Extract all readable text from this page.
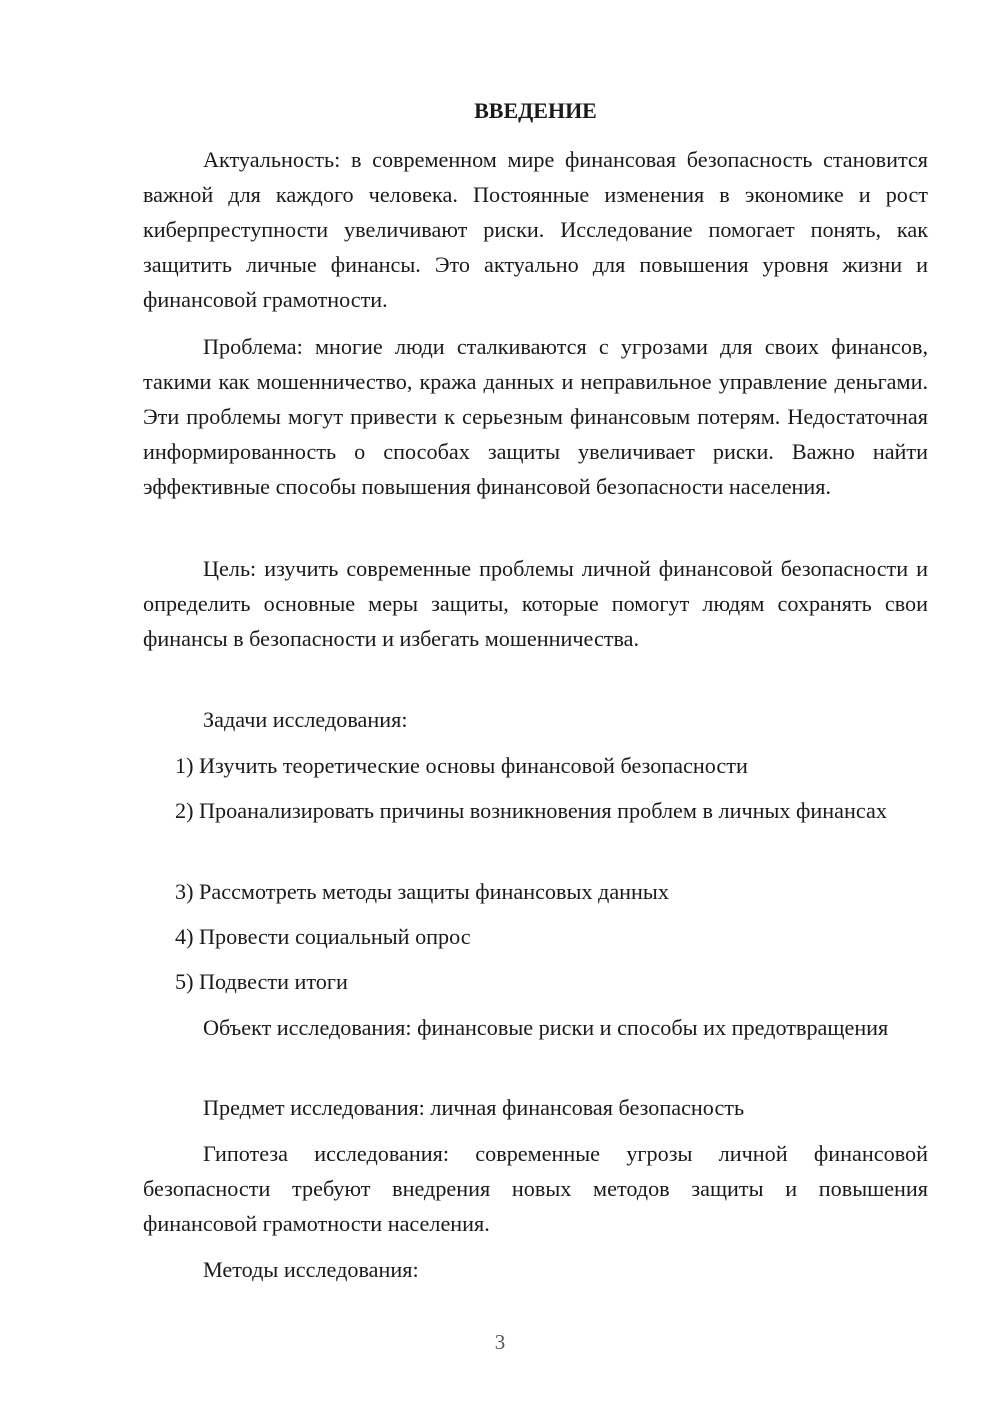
ВВЕДЕНИЕ

Актуальность: в современном мире финансовая безопасность становится важной для каждого человека. Постоянные изменения в экономике и рост киберпреступности увеличивают риски. Исследование помогает понять, как защитить личные финансы. Это актуально для повышения уровня жизни и финансовой грамотности.

Проблема: многие люди сталкиваются с угрозами для своих финансов, такими как мошенничество, кража данных и неправильное управление деньгами. Эти проблемы могут привести к серьезным финансовым потерям. Недостаточная информированность о способах защиты увеличивает риски. Важно найти эффективные способы повышения финансовой безопасности населения.

Цель: изучить современные проблемы личной финансовой безопасности и определить основные меры защиты, которые помогут людям сохранять свои финансы в безопасности и избегать мошенничества.

Задачи исследования:

1) Изучить теоретические основы финансовой безопасности

2) Проанализировать причины возникновения проблем в личных финансах

3) Рассмотреть методы защиты финансовых данных

4) Провести социальный опрос

5) Подвести итоги

Объект исследования: финансовые риски и способы их предотвращения

Предмет исследования: личная финансовая безопасность

Гипотеза исследования: современные угрозы личной финансовой безопасности требуют внедрения новых методов защиты и повышения финансовой грамотности населения.

Методы исследования:

3
